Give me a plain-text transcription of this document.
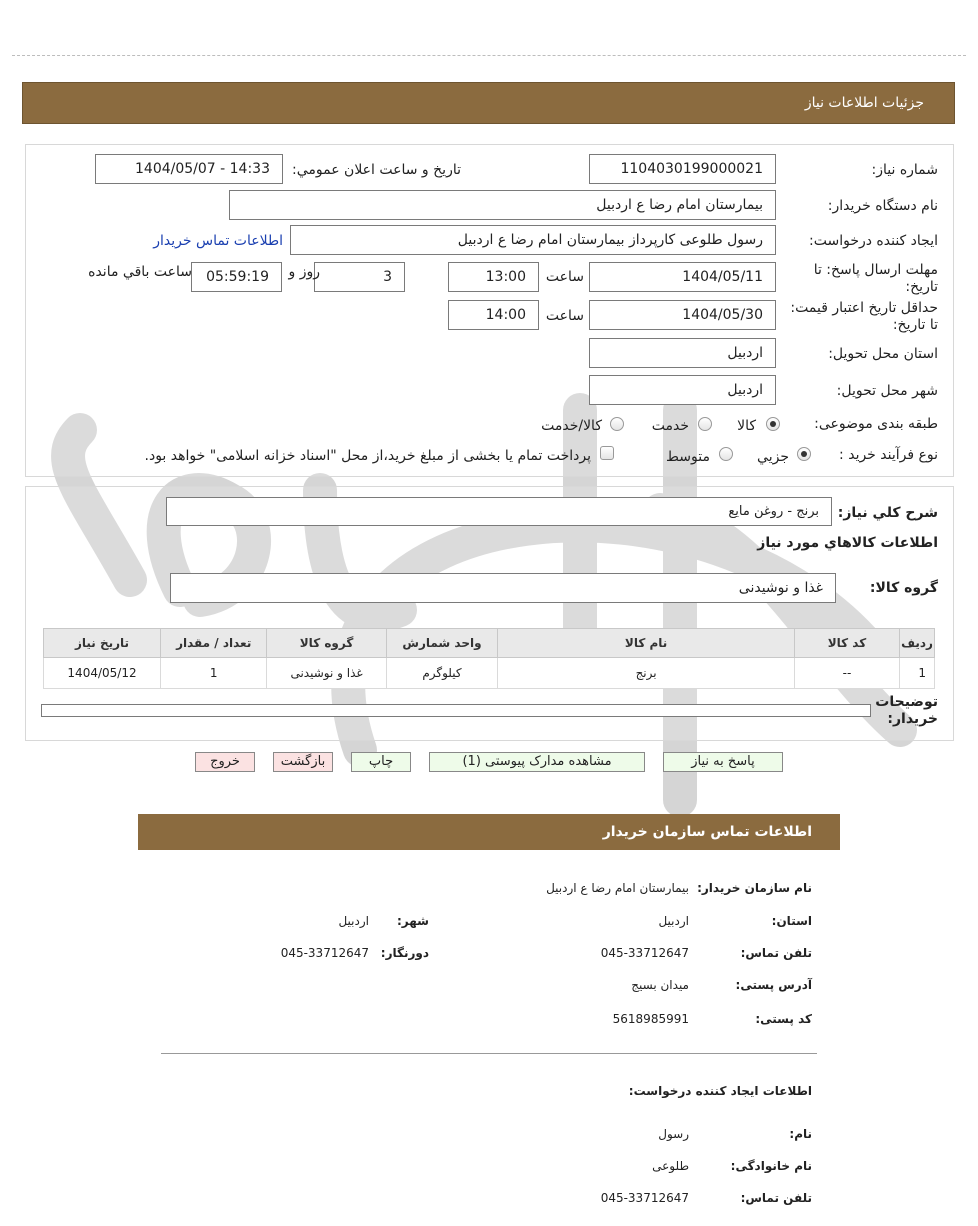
جزئیات اطلاعات نیاز
شماره نیاز:
1104030199000021
تاریخ و ساعت اعلان عمومي:
1404/05/07 - 14:33
نام دستگاه خريدار:
بیمارستان امام رضا ع اردبیل
ايجاد كننده درخواست:
رسول طلوعی کارپرداز بیمارستان امام رضا ع اردبیل
اطلاعات تماس خريدار
مهلت ارسال پاسخ: تا تاريخ:
1404/05/11
ساعت
13:00
3
روز و
05:59:19
ساعت باقي مانده
حداقل تاريخ اعتبار قيمت: تا تاريخ:
1404/05/30
ساعت
14:00
استان محل تحويل:
اردبیل
شهر محل تحويل:
اردبیل
طبقه بندی موضوعی:
كالا
خدمت
كالا/خدمت
نوع فرآیند خرید :
جزيي
متوسط
پرداخت تمام يا بخشی از مبلغ خريد،از محل "اسناد خزانه اسلامی" خواهد بود.
شرح كلي نياز:
برنج - روغن مايع
اطلاعات كالاهاي مورد نياز
گروه كالا:
غذا و نوشیدنی
رديف	كد كالا	نام كالا	واحد شمارش	گروه كالا	تعداد / مقدار	تاريخ نياز
1	--	برنج	کیلوگرم	غذا و نوشیدنی	1	1404/05/12
توضيحات خريدار:
پاسخ به نياز
مشاهده مدارک پیوستی (1)
چاپ
بازگشت
خروج
اطلاعات تماس سازمان خريدار
نام سازمان خريدار:
بیمارستان امام رضا ع اردبیل
استان:
اردبیل
شهر:
اردبیل
تلفن تماس:
045-33712647
دورنگار:
045-33712647
آدرس پستی:
میدان بسیج
کد پستی:
5618985991
اطلاعات ایجاد کننده درخواست:
نام:
رسول
نام خانوادگی:
طلوعی
تلفن تماس:
045-33712647
